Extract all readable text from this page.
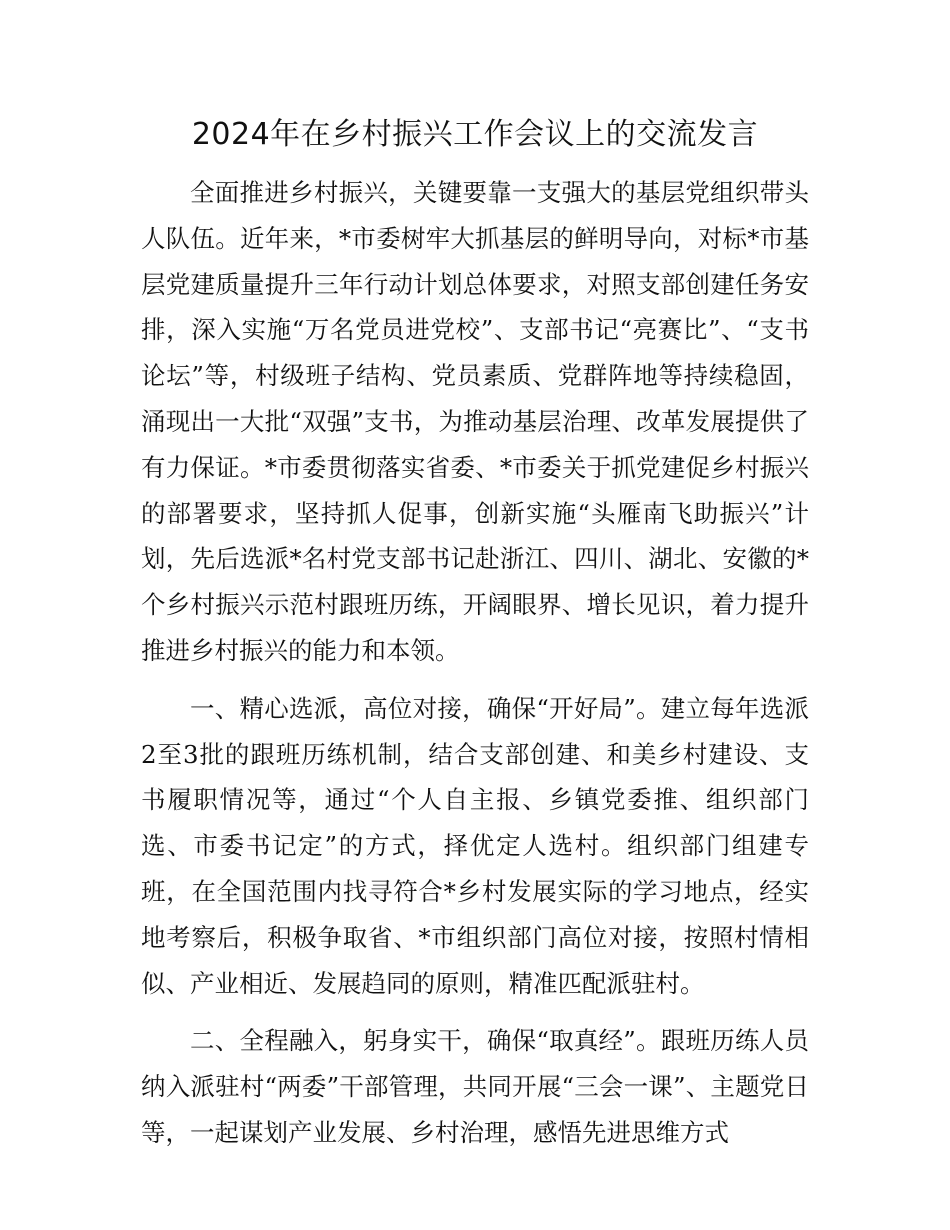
2024年在乡村振兴工作会议上的交流发言

全面推进乡村振兴，关键要靠一支强大的基层党组织带头人队伍。近年来，*市委树牢大抓基层的鲜明导向，对标*市基层党建质量提升三年行动计划总体要求，对照支部创建任务安排，深入实施“万名党员进党校”、支部书记“亮赛比”、“支书论坛”等，村级班子结构、党员素质、党群阵地等持续稳固，涌现出一大批“双强”支书，为推动基层治理、改革发展提供了有力保证。*市委贯彻落实省委、*市委关于抓党建促乡村振兴的部署要求，坚持抓人促事，创新实施“头雁南飞助振兴”计划，先后选派*名村党支部书记赴浙江、四川、湖北、安徽的*个乡村振兴示范村跟班历练，开阔眼界、增长见识，着力提升推进乡村振兴的能力和本领。

一、精心选派，高位对接，确保“开好局”。建立每年选派2至3批的跟班历练机制，结合支部创建、和美乡村建设、支书履职情况等，通过“个人自主报、乡镇党委推、组织部门选、市委书记定”的方式，择优定人选村。组织部门组建专班，在全国范围内找寻符合*乡村发展实际的学习地点，经实地考察后，积极争取省、*市组织部门高位对接，按照村情相似、产业相近、发展趋同的原则，精准匹配派驻村。

二、全程融入，躬身实干，确保“取真经”。跟班历练人员纳入派驻村“两委”干部管理，共同开展“三会一课”、主题党日等，一起谋划产业发展、乡村治理，感悟先进思维方式
